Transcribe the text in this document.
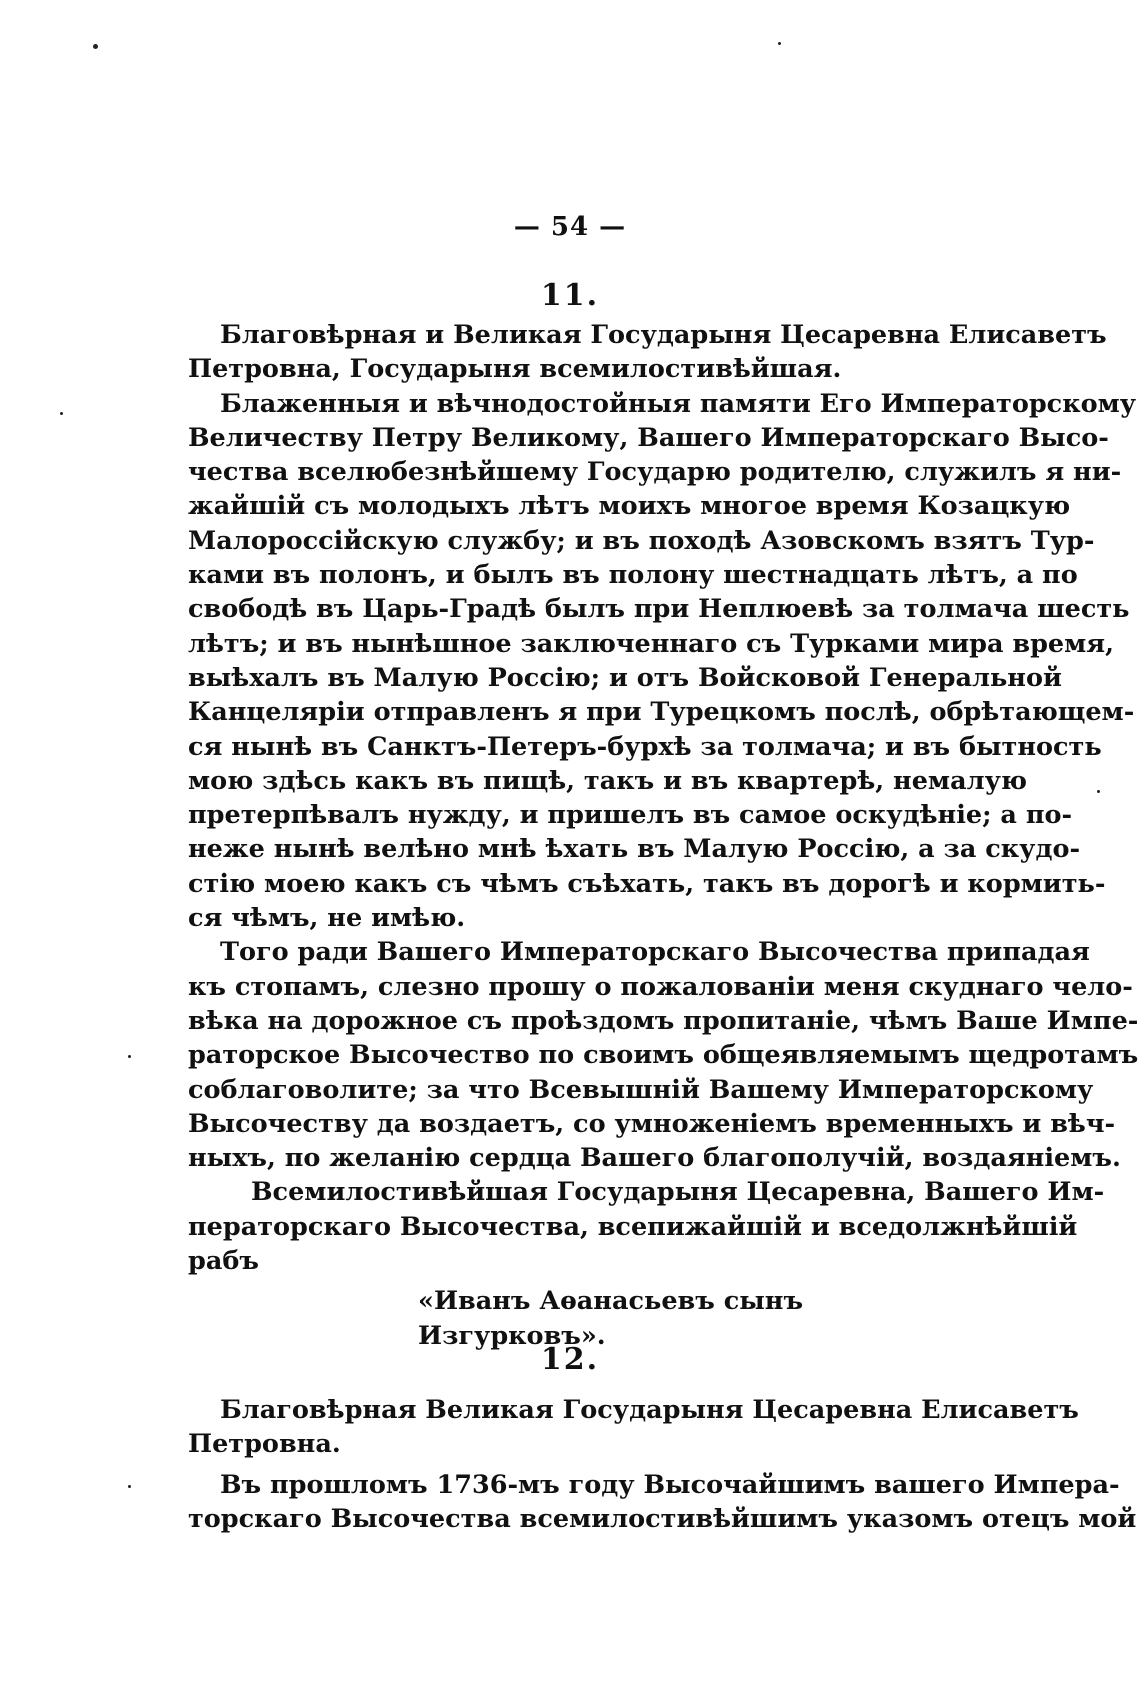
— 54 —
11.
Благовѣрная и Великая Государыня Цесаревна Елисаветъ
Петровна, Государыня всемилостивѣйшая.
Блаженныя и вѣчнодостойныя памяти Его Императорскому
Величеству Петру Великому, Вашего Императорскаго Высо-
чества вселюбезнѣйшему Государю родителю, служилъ я ни-
жайшій съ молодыхъ лѣтъ моихъ многое время Козацкую
Малороссійскую службу; и въ походѣ Азовскомъ взятъ Тур-
ками въ полонъ, и былъ въ полону шестнадцать лѣтъ, а по
свободѣ въ Царь-Градѣ былъ при Неплюевѣ за толмача шесть
лѣтъ; и въ нынѣшное заключеннаго съ Турками мира время,
выѣхалъ въ Малую Россію; и отъ Войсковой Генеральной
Канцеляріи отправленъ я при Турецкомъ послѣ, обрѣтающем-
ся нынѣ въ Санктъ-Петеръ-бурхѣ за толмача; и въ бытность
мою здѣсь какъ въ пищѣ, такъ и въ квартерѣ, немалую
претерпѣвалъ нужду, и пришелъ въ самое оскудѣніе; а по-
неже нынѣ велѣно мнѣ ѣхать въ Малую Россію, а за скудо-
стію моею какъ съ чѣмъ съѣхать, такъ въ дорогѣ и кормить-
ся чѣмъ, не имѣю.
Того ради Вашего Императорскаго Высочества припадая
къ стопамъ, слезно прошу о пожалованіи меня скуднаго чело-
вѣка на дорожное съ проѣздомъ пропитаніе, чѣмъ Ваше Импе-
раторское Высочество по своимъ общеявляемымъ щедротамъ
соблаговолите; за что Всевышній Вашему Императорскому
Высочеству да воздаетъ, со умноженіемъ временныхъ и вѣч-
ныхъ, по желанію сердца Вашего благополучій, воздаяніемъ.
Всемилостивѣйшая Государыня Цесаревна, Вашего Им-
ператорскаго Высочества, всепижайшій и вседолжнѣйшій
рабъ
«Иванъ Аѳанасьевъ сынъ Изгурковъ».
12.
Благовѣрная Великая Государыня Цесаревна Елисаветъ
Петровна.
Въ прошломъ 1736-мъ году Высочайшимъ вашего Импера-
торскаго Высочества всемилостивѣйшимъ указомъ отецъ мой
